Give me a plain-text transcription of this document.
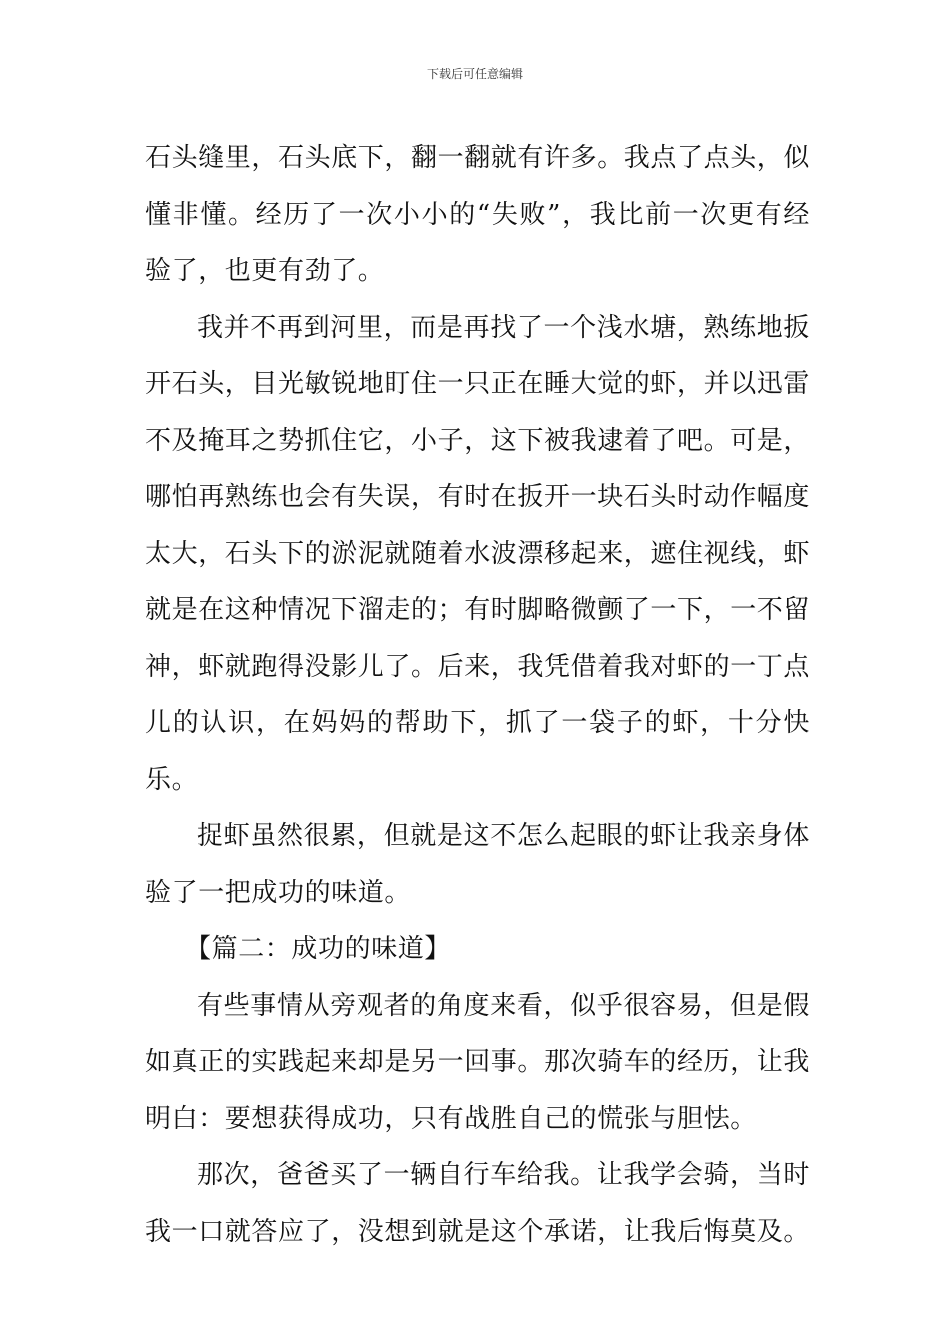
下载后可任意编辑

石头缝里，石头底下，翻一翻就有许多。我点了点头，似懂非懂。经历了一次小小的“失败”，我比前一次更有经验了，也更有劲了。

我并不再到河里，而是再找了一个浅水塘，熟练地扳开石头，目光敏锐地盯住一只正在睡大觉的虾，并以迅雷不及掩耳之势抓住它，小子，这下被我逮着了吧。可是，哪怕再熟练也会有失误，有时在扳开一块石头时动作幅度太大，石头下的淤泥就随着水波漂移起来，遮住视线，虾就是在这种情况下溜走的；有时脚略微颤了一下，一不留神，虾就跑得没影儿了。后来，我凭借着我对虾的一丁点儿的认识，在妈妈的帮助下，抓了一袋子的虾，十分快乐。

捉虾虽然很累，但就是这不怎么起眼的虾让我亲身体验了一把成功的味道。

【篇二：成功的味道】

有些事情从旁观者的角度来看，似乎很容易，但是假如真正的实践起来却是另一回事。那次骑车的经历，让我明白：要想获得成功，只有战胜自己的慌张与胆怯。

那次，爸爸买了一辆自行车给我。让我学会骑，当时我一口就答应了，没想到就是这个承诺，让我后悔莫及。
